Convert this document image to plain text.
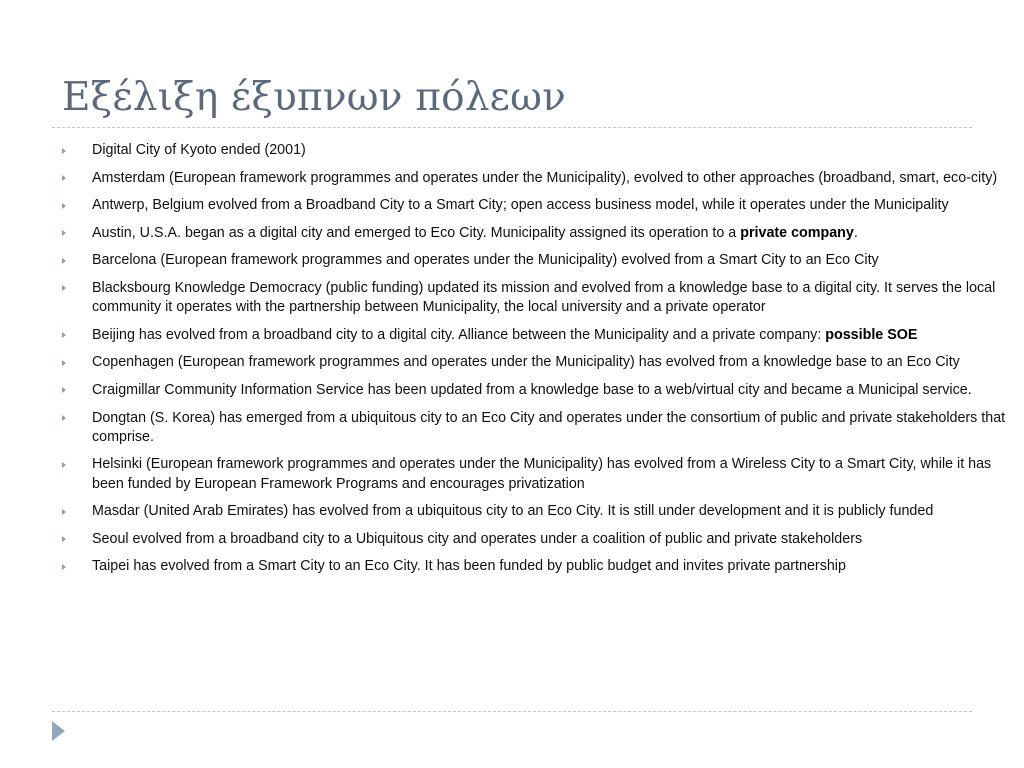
Εξέλιξη έξυπνων πόλεων
Digital City of Kyoto ended (2001)
Amsterdam (European framework programmes and operates under the Municipality), evolved to other approaches (broadband, smart, eco-city)
Antwerp, Belgium evolved from a Broadband City to a Smart City; open access business model, while it operates under the Municipality
Austin, U.S.A. began as a digital city and emerged to Eco City. Municipality assigned its operation to a private company.
Barcelona (European framework programmes and operates under the Municipality) evolved from a Smart City to an Eco City
Blacksbourg Knowledge Democracy (public funding) updated its mission and evolved from a knowledge base to a digital city. It serves the local community it operates with the partnership between Municipality, the local university and a private operator
Beijing has evolved from a broadband city to a digital city. Alliance between the Municipality and a private company: possible SOE
Copenhagen (European framework programmes and operates under the Municipality) has evolved from a knowledge base to an Eco City
Craigmillar Community Information Service has been updated from a knowledge base to a web/virtual city and became a Municipal service.
Dongtan (S. Korea) has emerged from a ubiquitous city to an Eco City and operates under the consortium of public and private stakeholders that comprise.
Helsinki (European framework programmes and operates under the Municipality) has evolved from a Wireless City to a Smart City, while it has been funded by European Framework Programs and encourages privatization
Masdar (United Arab Emirates) has evolved from a ubiquitous city to an Eco City. It is still under development and it is publicly funded
Seoul evolved from a broadband city to a Ubiquitous city and operates under a coalition of public and private stakeholders
Taipei has evolved from a Smart City to an Eco City. It has been funded by public budget and invites private partnership
